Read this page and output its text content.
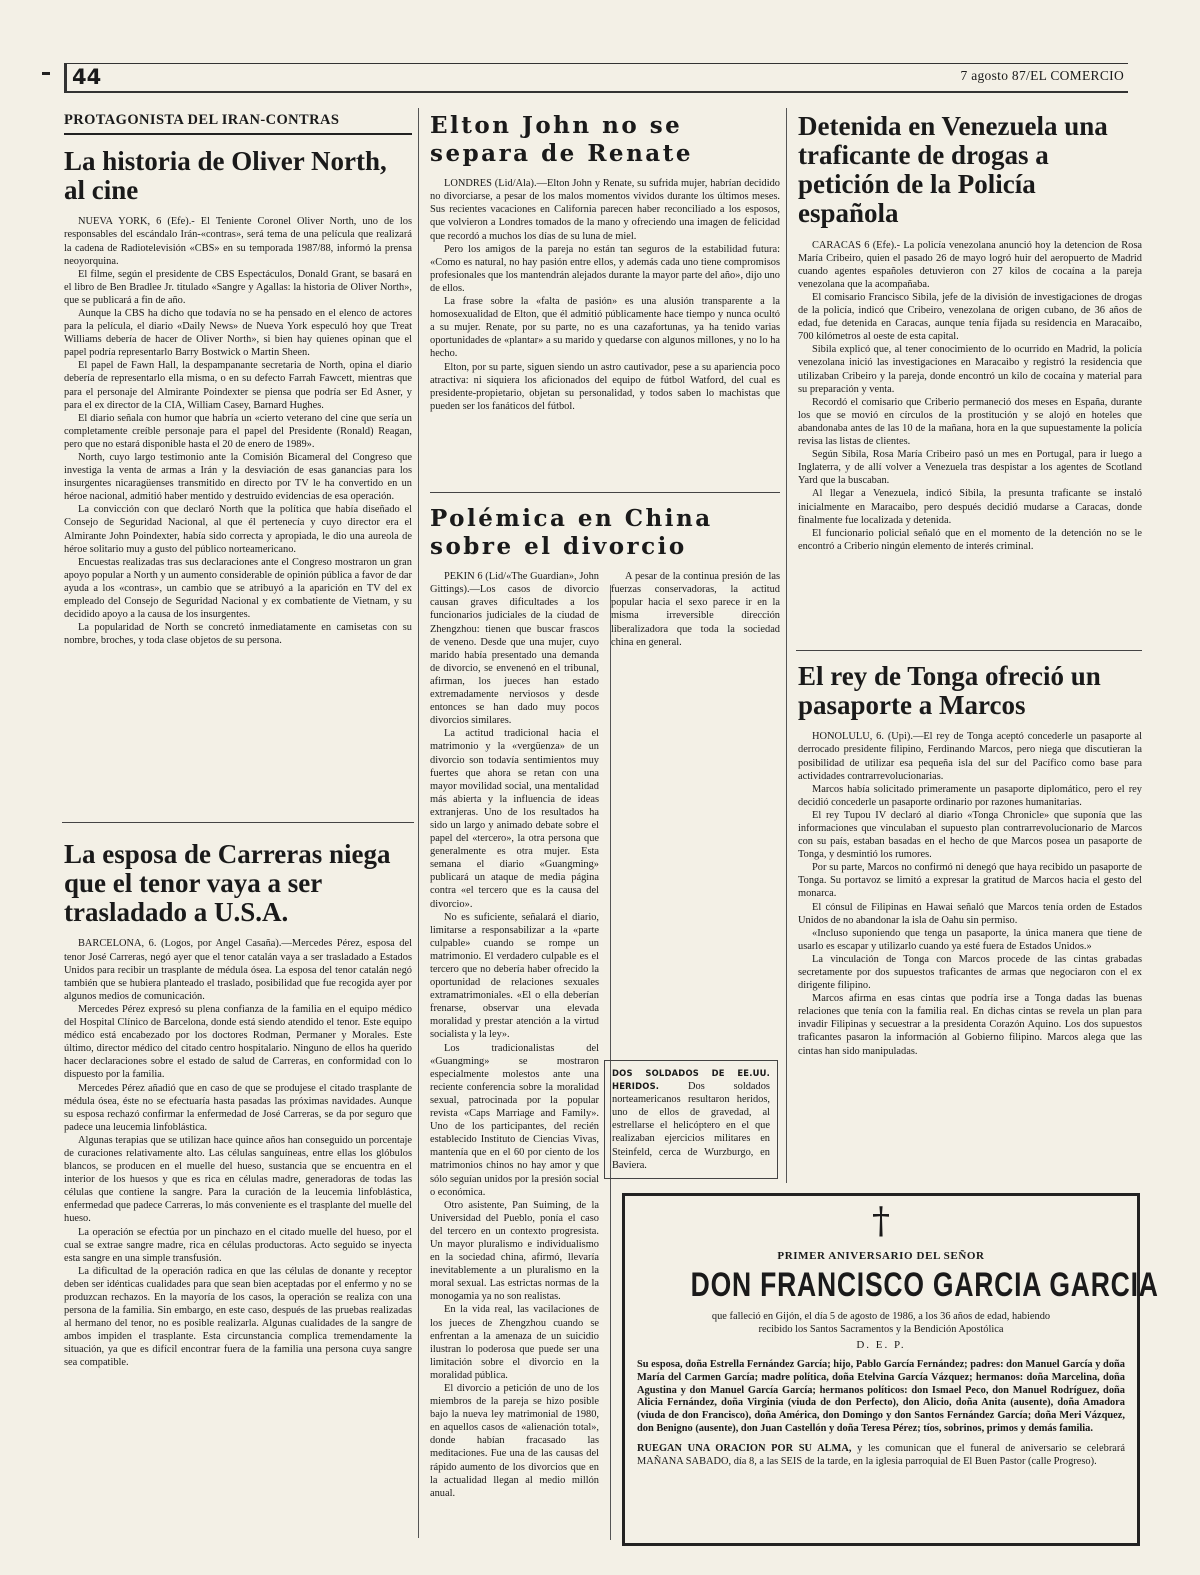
44	7 agosto 87/EL COMERCIO
PROTAGONISTA DEL IRAN-CONTRAS
La historia de Oliver North, al cine

NUEVA YORK, 6 (Efe).- El Teniente Coronel Oliver North, uno de los responsables del escándalo Irán-«contras», será tema de una película que realizará la cadena de Radiotelevisión «CBS» en su temporada 1987/88, informó la prensa neoyorquina.

El filme, según el presidente de CBS Espectáculos, Donald Grant, se basará en el libro de Ben Bradlee Jr. titulado «Sangre y Agallas: la historia de Oliver North», que se publicará a fin de año.

Aunque la CBS ha dicho que todavía no se ha pensado en el elenco de actores para la película, el diario «Daily News» de Nueva York especuló hoy que Treat Williams debería de hacer de Oliver North», si bien hay quienes opinan que el papel podría representarlo Barry Bostwick o Martin Sheen.

El papel de Fawn Hall, la despampanante secretaria de North, opina el diario debería de representarlo ella misma, o en su defecto Farrah Fawcett, mientras que para el personaje del Almirante Poindexter se piensa que podría ser Ed Asner, y para el ex director de la CIA, William Casey, Barnard Hughes.

El diario señala con humor que habría un «cierto veterano del cine que sería un completamente creíble personaje para el papel del Presidente (Ronald) Reagan, pero que no estará disponible hasta el 20 de enero de 1989».

North, cuyo largo testimonio ante la Comisión Bicameral del Congreso que investiga la venta de armas a Irán y la desviación de esas ganancias para los insurgentes nicaragüenses transmitido en directo por TV le ha convertido en un héroe nacional, admitió haber mentido y destruido evidencias de esa operación.

La convicción con que declaró North que la política que había diseñado el Consejo de Seguridad Nacional, al que él pertenecía y cuyo director era el Almirante John Poindexter, había sido correcta y apropiada, le dio una aureola de héroe solitario muy a gusto del público norteamericano.

Encuestas realizadas tras sus declaraciones ante el Congreso mostraron un gran apoyo popular a North y un aumento considerable de opinión pública a favor de dar ayuda a los «contras», un cambio que se atribuyó a la aparición en TV del ex empleado del Consejo de Seguridad Nacional y ex combatiente de Vietnam, y su decidido apoyo a la causa de los insurgentes.

La popularidad de North se concretó inmediatamente en camisetas con su nombre, broches, y toda clase objetos de su persona.

La esposa de Carreras niega que el tenor vaya a ser trasladado a U.S.A.

BARCELONA, 6. (Logos, por Angel Casaña).—Mercedes Pérez, esposa del tenor José Carreras, negó ayer que el tenor catalán vaya a ser trasladado a Estados Unidos para recibir un trasplante de médula ósea. La esposa del tenor catalán negó también que se hubiera planteado el traslado, posibilidad que fue recogida ayer por algunos medios de comunicación.

Mercedes Pérez expresó su plena confianza de la familia en el equipo médico del Hospital Clínico de Barcelona, donde está siendo atendido el tenor. Este equipo médico está encabezado por los doctores Rodman, Permaner y Morales. Este último, director médico del citado centro hospitalario. Ninguno de ellos ha querido hacer declaraciones sobre el estado de salud de Carreras, en conformidad con lo dispuesto por la familia.

Mercedes Pérez añadió que en caso de que se produjese el citado trasplante de médula ósea, éste no se efectuaría hasta pasadas las próximas navidades. Aunque su esposa rechazó confirmar la enfermedad de José Carreras, se da por seguro que padece una leucemia linfoblástica.

Algunas terapias que se utilizan hace quince años han conseguido un porcentaje de curaciones relativamente alto. Las células sanguíneas, entre ellas los glóbulos blancos, se producen en el muelle del hueso, sustancia que se encuentra en el interior de los huesos y que es rica en células madre, generadoras de todas las células que contiene la sangre. Para la curación de la leucemia linfoblástica, enfermedad que padece Carreras, lo más conveniente es el trasplante del muelle del hueso.

La operación se efectúa por un pinchazo en el citado muelle del hueso, por el cual se extrae sangre madre, rica en células productoras. Acto seguido se inyecta esta sangre en una simple transfusión.

La dificultad de la operación radica en que las células de donante y receptor deben ser idénticas cualidades para que sean bien aceptadas por el enfermo y no se produzcan rechazos. En la mayoría de los casos, la operación se realiza con una persona de la familia. Sin embargo, en este caso, después de las pruebas realizadas al hermano del tenor, no es posible realizarla. Algunas cualidades de la sangre de ambos impiden el trasplante. Esta circunstancia complica tremendamente la situación, ya que es difícil encontrar fuera de la familia una persona cuya sangre sea compatible.

Elton John no se separa de Renate

LONDRES (Lid/Ala).—Elton John y Renate, su sufrida mujer, habrían decidido no divorciarse, a pesar de los malos momentos vividos durante los últimos meses. Sus recientes vacaciones en California parecen haber reconciliado a los esposos, que volvieron a Londres tomados de la mano y ofreciendo una imagen de felicidad que recordó a muchos los días de su luna de miel.

Pero los amigos de la pareja no están tan seguros de la estabilidad futura: «Como es natural, no hay pasión entre ellos, y además cada uno tiene compromisos profesionales que los mantendrán alejados durante la mayor parte del año», dijo uno de ellos.

La frase sobre la «falta de pasión» es una alusión transparente a la homosexualidad de Elton, que él admitió públicamente hace tiempo y nunca ocultó a su mujer. Renate, por su parte, no es una cazafortunas, ya ha tenido varias oportunidades de «plantar» a su marido y quedarse con algunos millones, y no lo ha hecho.

Elton, por su parte, siguen siendo un astro cautivador, pese a su apariencia poco atractiva: ni siquiera los aficionados del equipo de fútbol Watford, del cual es presidente-propietario, objetan su personalidad, y todos saben lo machistas que pueden ser los fanáticos del fútbol.

Polémica en China sobre el divorcio

PEKIN 6 (Lid/«The Guardian», John Gittings).—Los casos de divorcio causan graves dificultades a los funcionarios judiciales de la ciudad de Zhengzhou: tienen que buscar frascos de veneno. Desde que una mujer, cuyo marido había presentado una demanda de divorcio, se envenenó en el tribunal, afirman, los jueces han estado extremadamente nerviosos y desde entonces se han dado muy pocos divorcios similares.

La actitud tradicional hacia el matrimonio y la «vergüenza» de un divorcio son todavía sentimientos muy fuertes que ahora se retan con una mayor movilidad social, una mentalidad más abierta y la influencia de ideas extranjeras. Uno de los resultados ha sido un largo y animado debate sobre el papel del «tercero», la otra persona que generalmente es otra mujer. Esta semana el diario «Guangming» publicará un ataque de media página contra «el tercero que es la causa del divorcio».

No es suficiente, señalará el diario, limitarse a responsabilizar a la «parte culpable» cuando se rompe un matrimonio. El verdadero culpable es el tercero que no debería haber ofrecido la oportunidad de relaciones sexuales extramatrimoniales. «El o ella deberían frenarse, observar una elevada moralidad y prestar atención a la virtud socialista y la ley».

Los tradicionalistas del «Guangming» se mostraron especialmente molestos ante una reciente conferencia sobre la moralidad sexual, patrocinada por la popular revista «Caps Marriage and Family». Uno de los participantes, del recién establecido Instituto de Ciencias Vivas, mantenía que en el 60 por ciento de los matrimonios chinos no hay amor y que sólo seguían unidos por la presión social o económica.

Otro asistente, Pan Suiming, de la Universidad del Pueblo, ponía el caso del tercero en un contexto progresista. Un mayor pluralismo e individualismo en la sociedad china, afirmó, llevaría inevitablemente a un pluralismo en la moral sexual. Las estrictas normas de la monogamia ya no son realistas.

En la vida real, las vacilaciones de los jueces de Zhengzhou cuando se enfrentan a la amenaza de un suicidio ilustran lo poderosa que puede ser una limitación sobre el divorcio en la moralidad pública.

El divorcio a petición de uno de los miembros de la pareja se hizo posible bajo la nueva ley matrimonial de 1980, en aquellos casos de «alienación total», donde habían fracasado las meditaciones. Fue una de las causas del rápido aumento de los divorcios que en la actualidad llegan al medio millón anual.

A pesar de la continua presión de las fuerzas conservadoras, la actitud popular hacia el sexo parece ir en la misma irreversible dirección liberalizadora que toda la sociedad china en general.

DOS SOLDADOS DE EE.UU. HERIDOS.	Dos soldados norteamericanos resultaron heridos, uno de ellos de gravedad, al estrellarse el helicóptero en el que realizaban ejercicios militares en Steinfeld, cerca de Wurzburgo, en Baviera.
Detenida en Venezuela una traficante de drogas a petición de la Policía española

CARACAS 6 (Efe).- La policía venezolana anunció hoy la detencion de Rosa María Cribeiro, quien el pasado 26 de mayo logró huir del aeropuerto de Madrid cuando agentes españoles detuvieron con 27 kilos de cocaína a la pareja venezolana que la acompañaba.

El comisario Francisco Sibila, jefe de la división de investigaciones de drogas de la policía, indicó que Cribeiro, venezolana de origen cubano, de 36 años de edad, fue detenida en Caracas, aunque tenía fijada su residencia en Maracaibo, 700 kilómetros al oeste de esta capital.

Sibila explicó que, al tener conocimiento de lo ocurrido en Madrid, la policía venezolana inició las investigaciones en Maracaibo y registró la residencia que utilizaban Cribeiro y la pareja, donde encontró un kilo de cocaína y material para su preparación y venta.

Recordó el comisario que Criberio permaneció dos meses en España, durante los que se movió en círculos de la prostitución y se alojó en hoteles que abandonaba antes de las 10 de la mañana, hora en la que supuestamente la policía revisa las listas de clientes.

Según Sibila, Rosa María Cribeiro pasó un mes en Portugal, para ir luego a Inglaterra, y de allí volver a Venezuela tras despistar a los agentes de Scotland Yard que la buscaban.

Al llegar a Venezuela, indicó Sibila, la presunta traficante se instaló inicialmente en Maracaibo, pero después decidió mudarse a Caracas, donde finalmente fue localizada y detenida.

El funcionario policial señaló que en el momento de la detención no se le encontró a Criberio ningún elemento de interés criminal.

El rey de Tonga ofreció un pasaporte a Marcos

HONOLULU, 6. (Upi).—El rey de Tonga aceptó concederle un pasaporte al derrocado presidente filipino, Ferdinando Marcos, pero niega que discutieran la posibilidad de utilizar esa pequeña isla del sur del Pacífico como base para actividades contrarrevolucionarias.

Marcos había solicitado primeramente un pasaporte diplomático, pero el rey decidió concederle un pasaporte ordinario por razones humanitarias.

El rey Tupou IV declaró al diario «Tonga Chronicle» que suponía que las informaciones que vinculaban el supuesto plan contrarrevolucionario de Marcos con su país, estaban basadas en el hecho de que Marcos posea un pasaporte de Tonga, y desmintió los rumores.

Por su parte, Marcos no confirmó ni denegó que haya recibido un pasaporte de Tonga. Su portavoz se limitó a expresar la gratitud de Marcos hacia el gesto del monarca.

El cónsul de Filipinas en Hawai señaló que Marcos tenía orden de Estados Unidos de no abandonar la isla de Oahu sin permiso.

«Incluso suponiendo que tenga un pasaporte, la única manera que tiene de usarlo es escapar y utilizarlo cuando ya esté fuera de Estados Unidos.»

La vinculación de Tonga con Marcos procede de las cintas grabadas secretamente por dos supuestos traficantes de armas que negociaron con el ex dirigente filipino.

Marcos afirma en esas cintas que podría irse a Tonga dadas las buenas relaciones que tenía con la familia real. En dichas cintas se revela un plan para invadir Filipinas y secuestrar a la presidenta Corazón Aquino. Los dos supuestos traficantes pasaron la información al Gobierno filipino. Marcos alega que las cintas han sido manipuladas.

†
PRIMER ANIVERSARIO DEL SEÑOR
DON FRANCISCO GARCIA GARCIA
que falleció en Gijón, el día 5 de agosto de 1986, a los 36 años de edad, habiendo
recibido los Santos Sacramentos y la Bendición Apostólica
D. E. P.
Su esposa, doña Estrella Fernández García; hijo, Pablo García Fernández; padres: don Manuel García y doña María del Carmen García; madre política, doña Etelvina García Vázquez; hermanos: doña Marcelina, doña Agustina y don Manuel García García; hermanos políticos: don Ismael Peco, don Manuel Rodríguez, doña Alicia Fernández, doña Virginia (viuda de don Perfecto), don Alicio, doña Anita (ausente), doña Amadora (viuda de don Francisco), doña América, don Domingo y don Santos Fernández García; doña Meri Vázquez, don Benigno (ausente), don Juan Castellón y doña Teresa Pérez; tíos, sobrinos, primos y demás familia.
RUEGAN UNA ORACION POR SU ALMA, y les comunican que el funeral de aniversario se celebrará MAÑANA SABADO, día 8, a las SEIS de la tarde, en la iglesia parroquial de El Buen Pastor (calle Progreso).
